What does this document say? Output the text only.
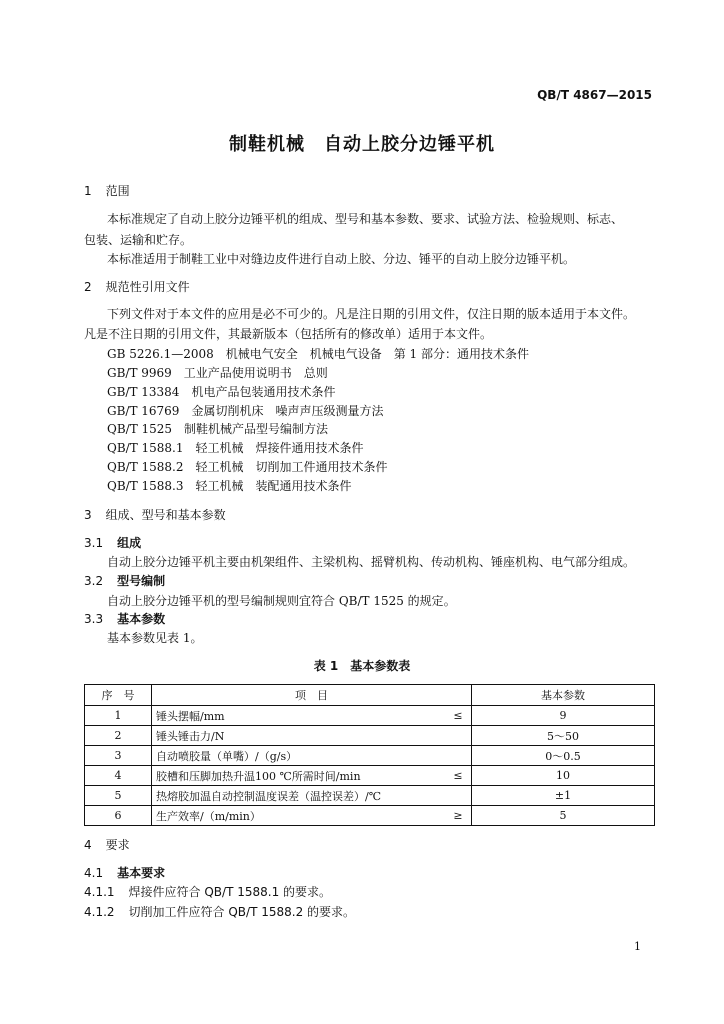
QB/T 4867—2015
制鞋机械　自动上胶分边锤平机
1 范围
本标准规定了自动上胶分边锤平机的组成、型号和基本参数、要求、试验方法、检验规则、标志、
包装、运输和贮存。
本标准适用于制鞋工业中对缝边皮件进行自动上胶、分边、锤平的自动上胶分边锤平机。
2 规范性引用文件
下列文件对于本文件的应用是必不可少的。凡是注日期的引用文件，仅注日期的版本适用于本文件。
凡是不注日期的引用文件，其最新版本（包括所有的修改单）适用于本文件。
GB 5226.1—2008　机械电气安全　机械电气设备　第 1 部分：通用技术条件
GB/T 9969　工业产品使用说明书　总则
GB/T 13384　机电产品包装通用技术条件
GB/T 16769　金属切削机床　噪声声压级测量方法
QB/T 1525　制鞋机械产品型号编制方法
QB/T 1588.1　轻工机械　焊接件通用技术条件
QB/T 1588.2　轻工机械　切削加工件通用技术条件
QB/T 1588.3　轻工机械　装配通用技术条件
3 组成、型号和基本参数
3.1 组成
自动上胶分边锤平机主要由机架组件、主梁机构、摇臂机构、传动机构、锤座机构、电气部分组成。
3.2 型号编制
自动上胶分边锤平机的型号编制规则宜符合 QB/T 1525 的规定。
3.3 基本参数
基本参数见表 1。
表 1　基本参数表
序　号	项　目		基本参数
1	锤头摆幅/mm	≤	9
2	锤头锤击力/N		5～50
3	自动喷胶量（单嘴）/（g/s）		0～0.5
4	胶槽和压脚加热升温100 ℃所需时间/min	≤	10
5	热熔胶加温自动控制温度误差（温控误差）/℃		±1
6	生产效率/（m/min）	≥	5
4 要求
4.1 基本要求
4.1.1 焊接件应符合 QB/T 1588.1 的要求。
4.1.2 切削加工件应符合 QB/T 1588.2 的要求。
1
